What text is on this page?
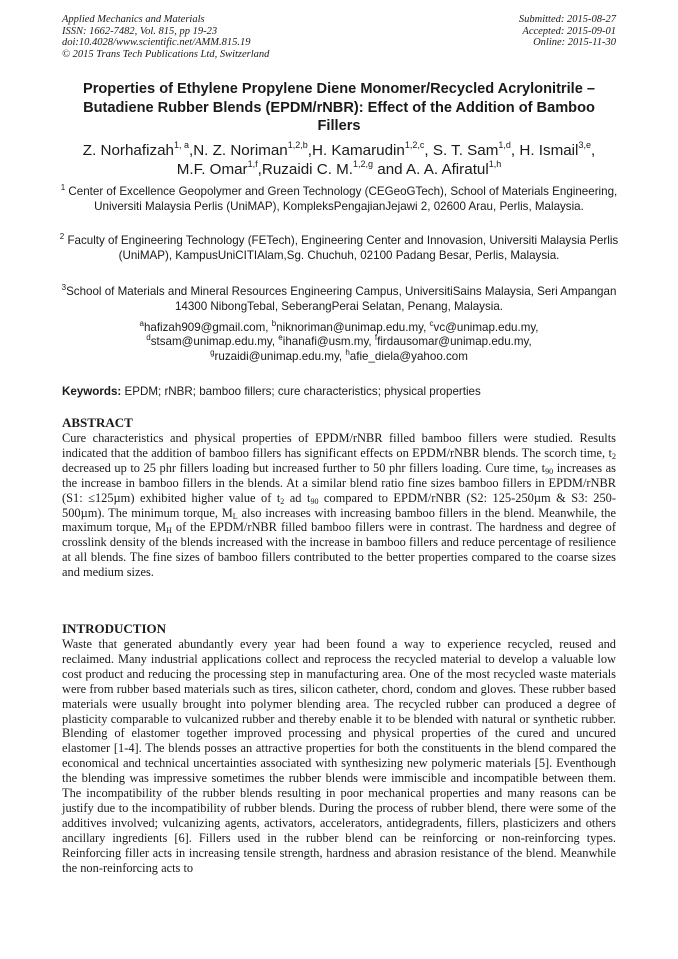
Applied Mechanics and Materials
ISSN: 1662-7482, Vol. 815, pp 19-23
doi:10.4028/www.scientific.net/AMM.815.19
© 2015 Trans Tech Publications Ltd, Switzerland
Submitted: 2015-08-27
Accepted: 2015-09-01
Online: 2015-11-30
Properties of Ethylene Propylene Diene Monomer/Recycled Acrylonitrile –Butadiene Rubber Blends (EPDM/rNBR): Effect of the Addition of Bamboo Fillers
Z. Norhafizah$^{1, a}$,N. Z. Noriman$^{1,2,b}$,H. Kamarudin$^{1,2,c}$, S. T. Sam$^{1,d}$, H. Ismail$^{3,e}$,
M.F. Omar$^{1,f}$,Ruzaidi C. M.$^{1,2,g}$ and A. A. Afiratul$^{1,h}$
$^1$ Center of Excellence Geopolymer and Green Technology (CEGeoGTech), School of Materials Engineering, Universiti Malaysia Perlis (UniMAP), KompleksPengajianJejawi 2, 02600 Arau, Perlis, Malaysia.
$^2$ Faculty of Engineering Technology (FETech), Engineering Center and Innovasion, Universiti Malaysia Perlis (UniMAP), KampusUniCITIAlam,Sg. Chuchuh, 02100 Padang Besar, Perlis, Malaysia.
$^3$School of Materials and Mineral Resources Engineering Campus, UniversitiSains Malaysia, Seri Ampangan 14300 NibongTebal, SeberangPerai Selatan, Penang, Malaysia.
$^a$hafizah909@gmail.com, $^b$niknoriman@unimap.edu.my, $^c$vc@unimap.edu.my,
$^d$stsam@unimap.edu.my, $^e$ihanafi@usm.my, $^f$firdausomar@unimap.edu.my,
$^g$ruzaidi@unimap.edu.my, $^h$afie_diela@yahoo.com
Keywords: EPDM; rNBR; bamboo fillers; cure characteristics; physical properties
ABSTRACT
Cure characteristics and physical properties of EPDM/rNBR filled bamboo fillers were studied. Results indicated that the addition of bamboo fillers has significant effects on EPDM/rNBR blends. The scorch time, $t_2$ decreased up to 25 phr fillers loading but increased further to 50 phr fillers loading. Cure time, $t_{90}$ increases as the increase in bamboo fillers in the blends. At a similar blend ratio fine sizes bamboo fillers in EPDM/rNBR (S1: ≤125µm) exhibited higher value of $t_2$ ad $t_{90}$ compared to EPDM/rNBR (S2: 125-250µm & S3: 250-500µm). The minimum torque, $M_L$ also increases with increasing bamboo fillers in the blend. Meanwhile, the maximum torque, $M_H$ of the EPDM/rNBR filled bamboo fillers were in contrast. The hardness and degree of crosslink density of the blends increased with the increase in bamboo fillers and reduce percentage of resilience at all blends. The fine sizes of bamboo fillers contributed to the better properties compared to the coarse sizes and medium sizes.
INTRODUCTION
Waste that generated abundantly every year had been found a way to experience recycled, reused and reclaimed. Many industrial applications collect and reprocess the recycled material to develop a valuable low cost product and reducing the processing step in manufacturing area. One of the most recycled waste materials were from rubber based materials such as tires, silicon catheter, chord, condom and gloves. These rubber based materials were usually brought into polymer blending area. The recycled rubber can produced a degree of plasticity comparable to vulcanized rubber and thereby enable it to be blended with natural or synthetic rubber. Blending of elastomer together improved processing and physical properties of the cured and uncured elastomer [1-4]. The blends posses an attractive properties for both the constituents in the blend compared the economical and technical uncertainties associated with synthesizing new polymeric materials [5]. Eventhough the blending was impressive sometimes the rubber blends were immiscible and incompatible between them. The incompatibility of the rubber blends resulting in poor mechanical properties and many reasons can be justify due to the incompatibility of rubber blends. During the process of rubber blend, there were some of the additives involved; vulcanizing agents, activators, accelerators, antidegradents, fillers, plasticizers and others ancillary ingredients [6]. Fillers used in the rubber blend can be reinforcing or non-reinforcing types. Reinforcing filler acts in increasing tensile strength, hardness and abrasion resistance of the blend. Meanwhile the non-reinforcing acts to
